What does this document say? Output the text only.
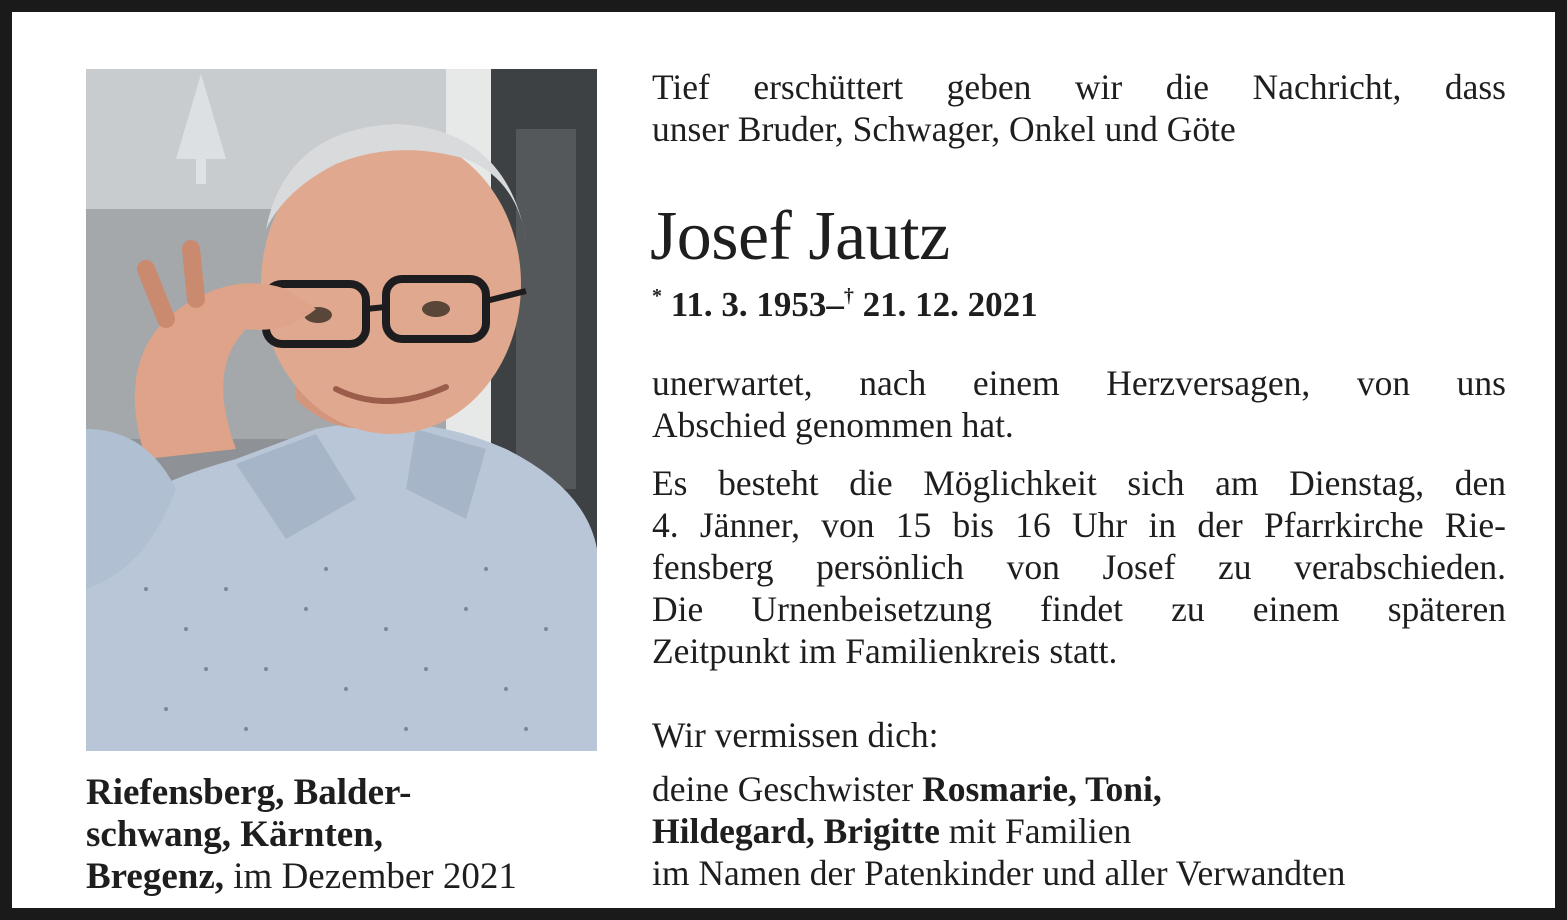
Riefensberg, Balder-
schwang, Kärnten,
Bregenz, im Dezember 2021
Tief erschüttert geben wir die Nachricht, dass
unser Bruder, Schwager, Onkel und Göte
Josef Jautz
* 11. 3. 1953–† 21. 12. 2021
unerwartet, nach einem Herzversagen, von uns
Abschied genommen hat.
Es besteht die Möglichkeit sich am Dienstag, den
4. Jänner, von 15 bis 16 Uhr in der Pfarrkirche Rie-
fensberg persönlich von Josef zu verabschieden.
Die Urnenbeisetzung findet zu einem späteren
Zeitpunkt im Familienkreis statt.
Wir vermissen dich:
deine Geschwister Rosmarie, Toni,
Hildegard, Brigitte mit Familien
im Namen der Patenkinder und aller Verwandten
